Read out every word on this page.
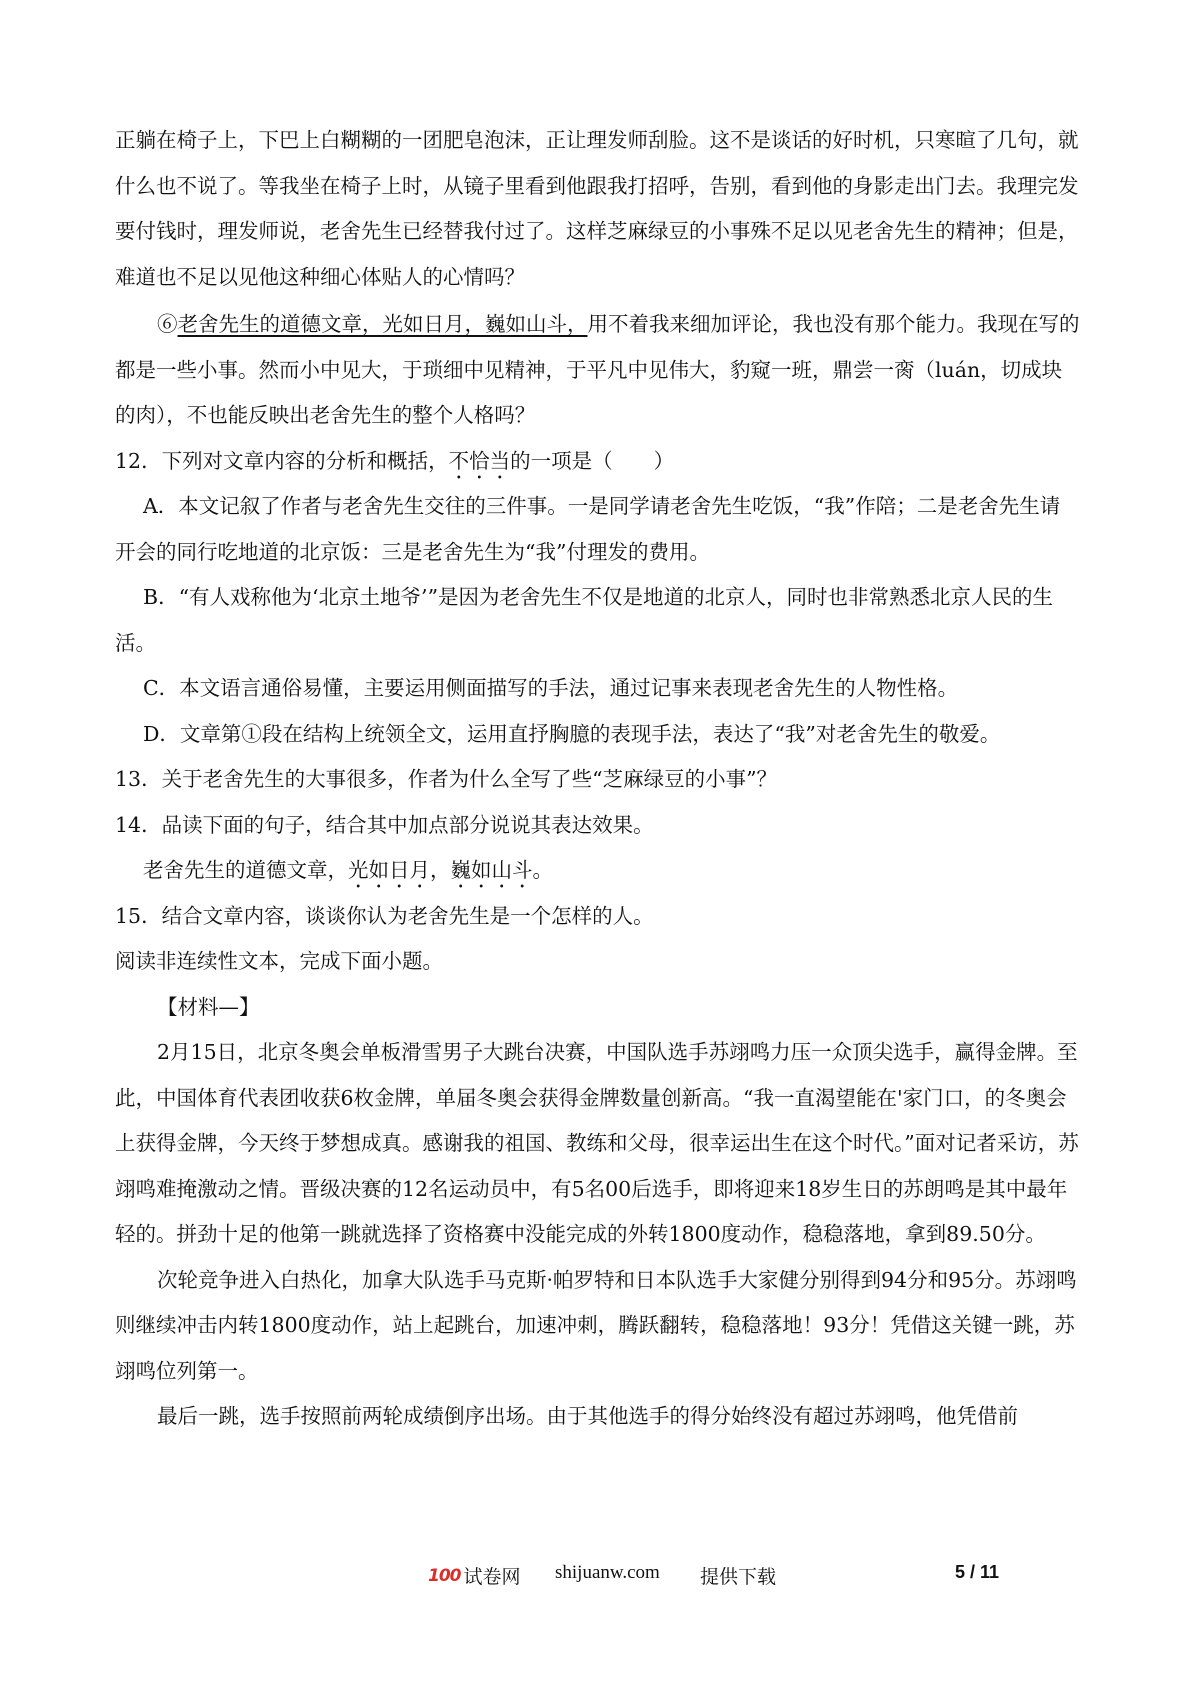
正躺在椅子上，下巴上白糊糊的一团肥皂泡沫，正让理发师刮脸。这不是谈话的好时机，只寒暄了几句，就什么也不说了。等我坐在椅子上时，从镜子里看到他跟我打招呼，告别，看到他的身影走出门去。我理完发要付钱时，理发师说，老舍先生已经替我付过了。这样芝麻绿豆的小事殊不足以见老舍先生的精神；但是，难道也不足以见他这种细心体贴人的心情吗？

⑥老舍先生的道德文章，光如日月，巍如山斗，用不着我来细加评论，我也没有那个能力。我现在写的都是一些小事。然而小中见大，于琐细中见精神，于平凡中见伟大，豹窥一班，鼎尝一脔（luán，切成块的肉），不也能反映出老舍先生的整个人格吗？

12．下列对文章内容的分析和概括，不恰当的一项是（　　）

A．本文记叙了作者与老舍先生交往的三件事。一是同学请老舍先生吃饭，“我”作陪；二是老舍先生请开会的同行吃地道的北京饭：三是老舍先生为“我”付理发的费用。

B．“有人戏称他为‘北京土地爷’”是因为老舍先生不仅是地道的北京人，同时也非常熟悉北京人民的生活。

C．本文语言通俗易懂，主要运用侧面描写的手法，通过记事来表现老舍先生的人物性格。

D．文章第①段在结构上统领全文，运用直抒胸臆的表现手法，表达了“我”对老舍先生的敬爱。

13．关于老舍先生的大事很多，作者为什么全写了些“芝麻绿豆的小事”？

14．品读下面的句子，结合其中加点部分说说其表达效果。

老舍先生的道德文章，光如日月，巍如山斗。

15．结合文章内容，谈谈你认为老舍先生是一个怎样的人。

阅读非连续性文本，完成下面小题。

【材料—】

2月15日，北京冬奥会单板滑雪男子大跳台决赛，中国队选手苏翊鸣力压一众顶尖选手，赢得金牌。至此，中国体育代表团收获6枚金牌，单届冬奥会获得金牌数量创新高。“我一直渴望能在'家门口，的冬奥会上获得金牌，今天终于梦想成真。感谢我的祖国、教练和父母，很幸运出生在这个时代。”面对记者采访，苏翊鸣难掩激动之情。晋级决赛的12名运动员中，有5名00后选手，即将迎来18岁生日的苏朗鸣是其中最年轻的。拼劲十足的他第一跳就选择了资格赛中没能完成的外转1800度动作，稳稳落地，拿到89.50分。

次轮竞争进入白热化，加拿大队选手马克斯·帕罗特和日本队选手大家健分别得到94分和95分。苏翊鸣则继续冲击内转1800度动作，站上起跳台，加速冲刺，腾跃翻转，稳稳落地！93分！凭借这关键一跳，苏翊鸣位列第一。

最后一跳，选手按照前两轮成绩倒序出场。由于其他选手的得分始终没有超过苏翊鸣，他凭借前

100 试卷网 shijuanw.com 提供下载	5 / 11
